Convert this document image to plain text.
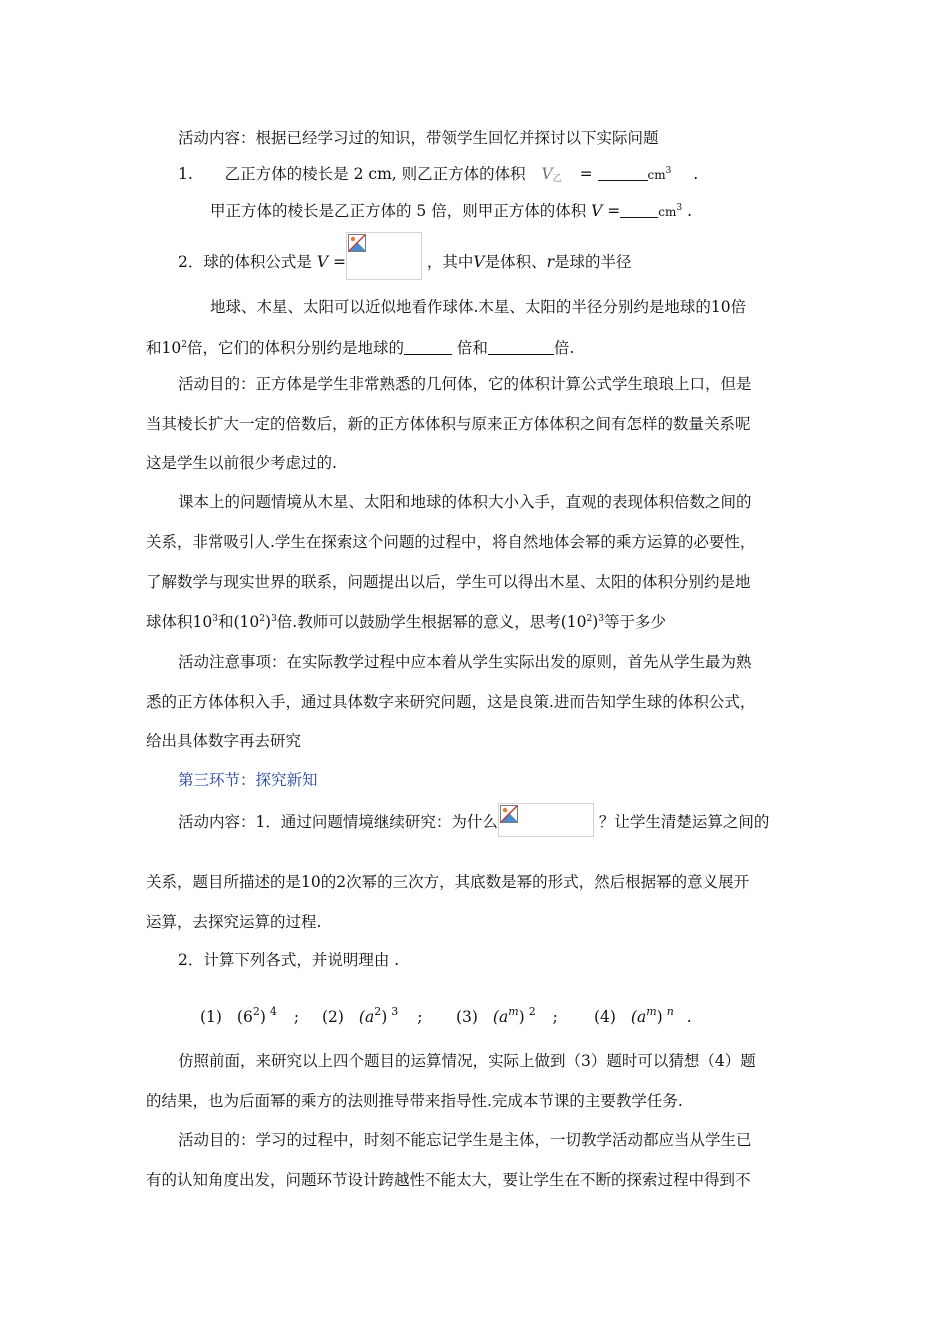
活动内容：根据已经学习过的知识，带领学生回忆并探讨以下实际问题
1. 乙正方体的棱长是 2 cm, 则乙正方体的体积 $V_乙$ =	$cm^3$ .
甲正方体的棱长是乙正方体的 5 倍，则甲正方体的体积 V =	$cm^3$ .
2．球的体积公式是 V =	，其中V是体积、r是球的半径
地球、木星、太阳可以近似地看作球体.木星、太阳的半径分别约是地球的10倍
和$10^2$倍，它们的体积分别约是地球的	倍和	倍.
活动目的：正方体是学生非常熟悉的几何体，它的体积计算公式学生琅琅上口，但是
当其棱长扩大一定的倍数后，新的正方体体积与原来正方体体积之间有怎样的数量关系呢
这是学生以前很少考虑过的.
课本上的问题情境从木星、太阳和地球的体积大小入手，直观的表现体积倍数之间的
关系，非常吸引人.学生在探索这个问题的过程中，将自然地体会幂的乘方运算的必要性，
了解数学与现实世界的联系，问题提出以后，学生可以得出木星、太阳的体积分别约是地
球体积$10^3$和$(10^2)^3$倍.教师可以鼓励学生根据幂的意义，思考$(10^2)^3$等于多少
活动注意事项：在实际教学过程中应本着从学生实际出发的原则，首先从学生最为熟
悉的正方体体积入手，通过具体数字来研究问题，这是良策.进而告知学生球的体积公式，
给出具体数字再去研究
第三环节：探究新知
活动内容：1．通过问题情境继续研究：为什么	？让学生清楚运算之间的
关系，题目所描述的是10的2次幂的三次方，其底数是幂的形式，然后根据幂的意义展开
运算，去探究运算的过程.
2．计算下列各式，并说明理由 .
(1) $(6^2)$ $^4$ ; (2) $(a^2)$ $^3$ ; (3) $(a^m)$ $^2$ ; (4) $(a^m)$ $^n$ .
仿照前面，来研究以上四个题目的运算情况，实际上做到（3）题时可以猜想（4）题
的结果，也为后面幂的乘方的法则推导带来指导性.完成本节课的主要教学任务.
活动目的：学习的过程中，时刻不能忘记学生是主体，一切教学活动都应当从学生已
有的认知角度出发，问题环节设计跨越性不能太大，要让学生在不断的探索过程中得到不
